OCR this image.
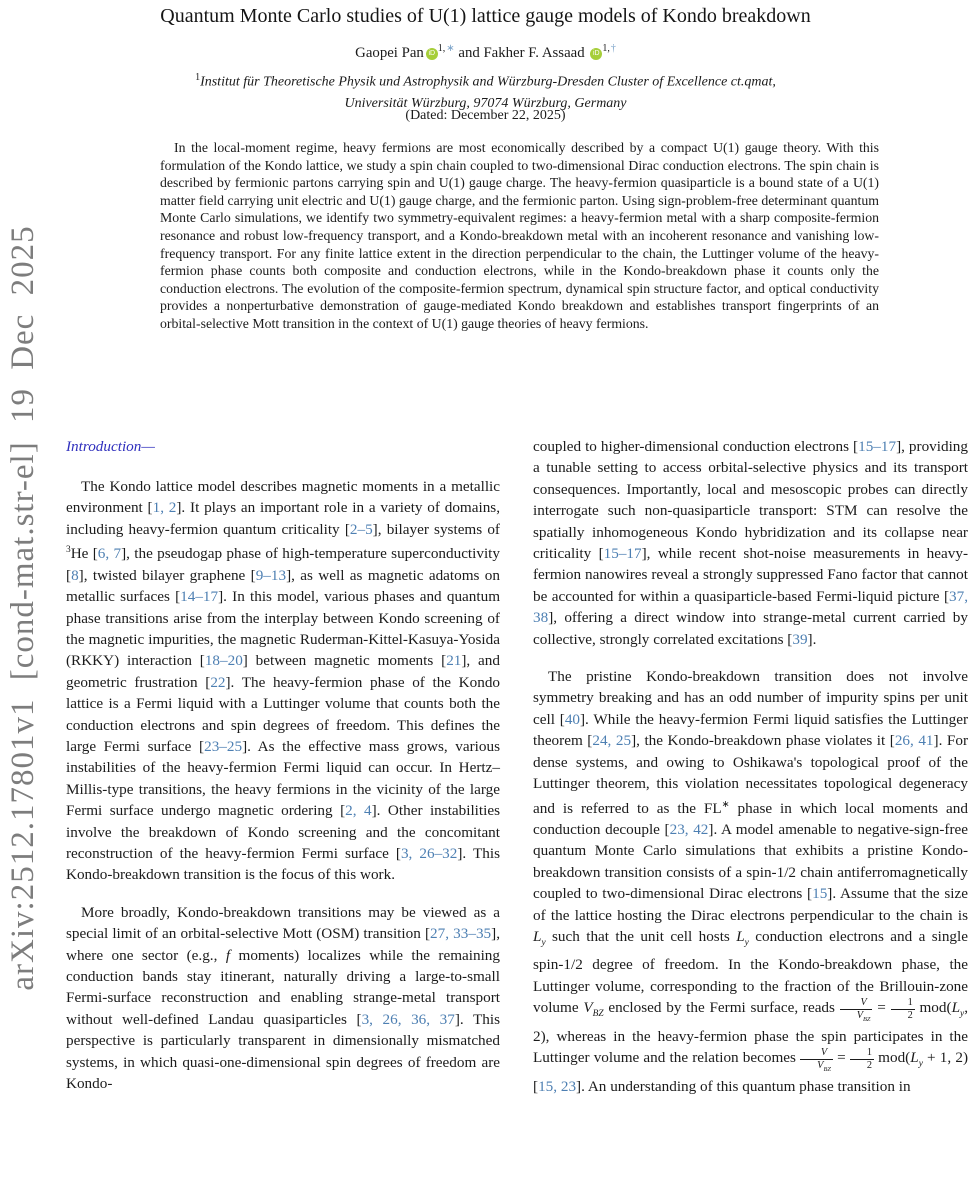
arXiv:2512.17801v1 [cond-mat.str-el] 19 Dec 2025
Quantum Monte Carlo studies of U(1) lattice gauge models of Kondo breakdown
Gaopei Pan iD $^{1,∗}$ and Fakher F. Assaad iD $^{1,\dagger}$
$^1$Institut für Theoretische Physik und Astrophysik and Würzburg-Dresden Cluster of Excellence ct.qmat,
Universität Würzburg, 97074 Würzburg, Germany
(Dated: December 22, 2025)
In the local-moment regime, heavy fermions are most economically described by a compact U(1) gauge theory. With this formulation of the Kondo lattice, we study a spin chain coupled to two-dimensional Dirac conduction electrons. The spin chain is described by fermionic partons carrying spin and U(1) gauge charge. The heavy-fermion quasiparticle is a bound state of a U(1) matter field carrying unit electric and U(1) gauge charge, and the fermionic parton. Using sign-problem-free determinant quantum Monte Carlo simulations, we identify two symmetry-equivalent regimes: a heavy-fermion metal with a sharp composite-fermion resonance and robust low-frequency transport, and a Kondo-breakdown metal with an incoherent resonance and vanishing low-frequency transport. For any finite lattice extent in the direction perpendicular to the chain, the Luttinger volume of the heavy-fermion phase counts both composite and conduction electrons, while in the Kondo-breakdown phase it counts only the conduction electrons. The evolution of the composite-fermion spectrum, dynamical spin structure factor, and optical conductivity provides a nonperturbative demonstration of gauge-mediated Kondo breakdown and establishes transport fingerprints of an orbital-selective Mott transition in the context of U(1) gauge theories of heavy fermions.
Introduction—

The Kondo lattice model describes magnetic moments in a metallic environment [1, 2]. It plays an important role in a variety of domains, including heavy-fermion quantum criticality [2–5], bilayer systems of $^3$He [6, 7], the pseudogap phase of high-temperature superconductivity [8], twisted bilayer graphene [9–13], as well as magnetic adatoms on metallic surfaces [14–17]. In this model, various phases and quantum phase transitions arise from the interplay between Kondo screening of the magnetic impurities, the magnetic Ruderman-Kittel-Kasuya-Yosida (RKKY) interaction [18–20] between magnetic moments [21], and geometric frustration [22]. The heavy-fermion phase of the Kondo lattice is a Fermi liquid with a Luttinger volume that counts both the conduction electrons and spin degrees of freedom. This defines the large Fermi surface [23–25]. As the effective mass grows, various instabilities of the heavy-fermion Fermi liquid can occur. In Hertz–Millis-type transitions, the heavy fermions in the vicinity of the large Fermi surface undergo magnetic ordering [2, 4]. Other instabilities involve the breakdown of Kondo screening and the concomitant reconstruction of the heavy-fermion Fermi surface [3, 26–32]. This Kondo-breakdown transition is the focus of this work.

More broadly, Kondo-breakdown transitions may be viewed as a special limit of an orbital-selective Mott (OSM) transition [27, 33–35], where one sector (e.g., f moments) localizes while the remaining conduction bands stay itinerant, naturally driving a large-to-small Fermi-surface reconstruction and enabling strange-metal transport without well-defined Landau quasiparticles [3, 26, 36, 37]. This perspective is particularly transparent in dimensionally mismatched systems, in which quasi-one-dimensional spin degrees of freedom are Kondo-

coupled to higher-dimensional conduction electrons [15–17], providing a tunable setting to access orbital-selective physics and its transport consequences. Importantly, local and mesoscopic probes can directly interrogate such non-quasiparticle transport: STM can resolve the spatially inhomogeneous Kondo hybridization and its collapse near criticality [15–17], while recent shot-noise measurements in heavy-fermion nanowires reveal a strongly suppressed Fano factor that cannot be accounted for within a quasiparticle-based Fermi-liquid picture [37, 38], offering a direct window into strange-metal current carried by collective, strongly correlated excitations [39].

The pristine Kondo-breakdown transition does not involve symmetry breaking and has an odd number of impurity spins per unit cell [40]. While the heavy-fermion Fermi liquid satisfies the Luttinger theorem [24, 25], the Kondo-breakdown phase violates it [26, 41]. For dense systems, and owing to Oshikawa's topological proof of the Luttinger theorem, this violation necessitates topological degeneracy and is referred to as the FL∗ phase in which local moments and conduction decouple [23, 42]. A model amenable to negative-sign-free quantum Monte Carlo simulations that exhibits a pristine Kondo-breakdown transition consists of a spin-1/2 chain antiferromagnetically coupled to two-dimensional Dirac electrons [15]. Assume that the size of the lattice hosting the Dirac electrons perpendicular to the chain is $L_y$ such that the unit cell hosts $L_y$ conduction electrons and a single spin-1/2 degree of freedom. In the Kondo-breakdown phase, the Luttinger volume, corresponding to the fraction of the Brillouin-zone volume $V_{BZ}$ enclosed by the Fermi surface, reads $\frac{V}{V_{BZ}} = \frac{1}{2} mod(L_y$, 2), whereas in the heavy-fermion phase the spin participates in the Luttinger volume and the relation becomes $\frac{V}{V_{BZ}} = \frac{1}{2} mod(L_y + 1$, 2) [15, 23]. An understanding of this quantum phase transition in
